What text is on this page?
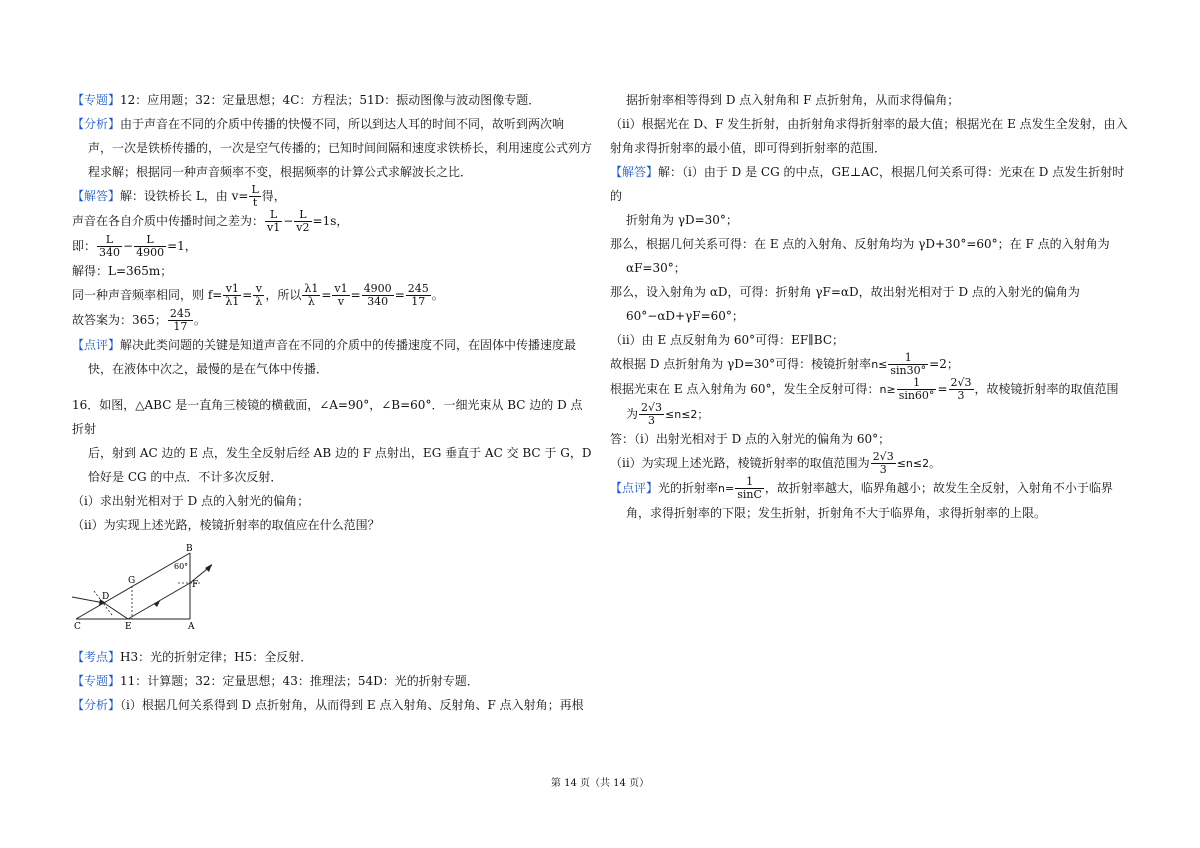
【专题】12：应用题；32：定量思想；4C：方程法；51D：振动图像与波动图像专题．

【分析】由于声音在不同的介质中传播的快慢不同，所以到达人耳的时间不同，故听到两次响

声，一次是铁桥传播的，一次是空气传播的；已知时间间隔和速度求铁桥长，利用速度公式列方程求解；根据同一种声音频率不变，根据频率的计算公式求解波长之比．

【解答】解：设铁桥长 L，由 $v= \frac{L}{t}$ 得，

声音在各自介质中传播时间之差为： $\frac{L}{v1} - \frac{L}{v2} =1s$，

即： $\frac{L}{340} - \frac{L}{4900} =1$，

解得：L=365m；

同一种声音频率相同，则 $f= \frac{v1}{\lambda 1} = \frac{v}{\lambda}$ ，所以 $\frac{\lambda 1}{\lambda} = \frac{v1}{v} = \frac{4900}{340} = \frac{245}{17}$ 。

故答案为：365； $\frac{245}{17}$ 。

【点评】解决此类问题的关键是知道声音在不同的介质中的传播速度不同，在固体中传播速度最

快，在液体中次之，最慢的是在气体中传播．

16．如图，△ABC 是一直角三棱镜的横截面，∠A=90°，∠B=60°．一细光束从 BC 边的 D 点折射

后，射到 AC 边的 E 点，发生全反射后经 AB 边的 F 点射出，EG 垂直于 AC 交 BC 于 G，D 恰好是 CG 的中点．不计多次反射．

（i）求出射光相对于 D 点的入射光的偏角；

（ii）为实现上述光路，棱镜折射率的取值应在什么范围？

B
60°
G
D
F
C	E	A

【考点】H3：光的折射定律；H5：全反射．

【专题】11：计算题；32：定量思想；43：推理法；54D：光的折射专题．

【分析】（i）根据几何关系得到 D 点折射角，从而得到 E 点入射角、反射角、F 点入射角；再根

据折射率相等得到 D 点入射角和 F 点折射角，从而求得偏角；

（ii）根据光在 D、F 发生折射，由折射角求得折射率的最大值；根据光在 E 点发生全发射，由入射角求得折射率的最小值，即可得到折射率的范围．

【解答】解：（i）由于 D 是 CG 的中点，GE⊥AC，根据几何关系可得：光束在 D 点发生折射时的

折射角为 γD=30°；

那么，根据几何关系可得：在 E 点的入射角、反射角均为 γD+30°=60°；在 F 点的入射角为

αF=30°；

那么，设入射角为 αD，可得：折射角 γF=αD，故出射光相对于 D 点的入射光的偏角为

60°−αD+γF=60°；

（ii）由 E 点反射角为 60°可得：EF∥BC；

故根据 D 点折射角为 γD=30°可得：棱镜折射率$n\le \frac{1}{\sin 30^\circ} =2$；

根据光束在 E 点入射角为 60°，发生全反射可得：$n\ge \frac{1}{\sin 60^\circ} = \frac{2√3}{3}$ ，故棱镜折射率的取值范围

为 $\frac{2√3}{3} \le n\le 2$；

答：（i）出射光相对于 D 点的入射光的偏角为 60°；

（ii）为实现上述光路，棱镜折射率的取值范围为 $\frac{2√3}{3} \le n\le 2$。

【点评】光的折射率$n= \frac{1}{\sin C}$ ，故折射率越大，临界角越小；故发生全反射，入射角不小于临界

角，求得折射率的下限；发生折射，折射角不大于临界角，求得折射率的上限。

第 14 页（共 14 页）
